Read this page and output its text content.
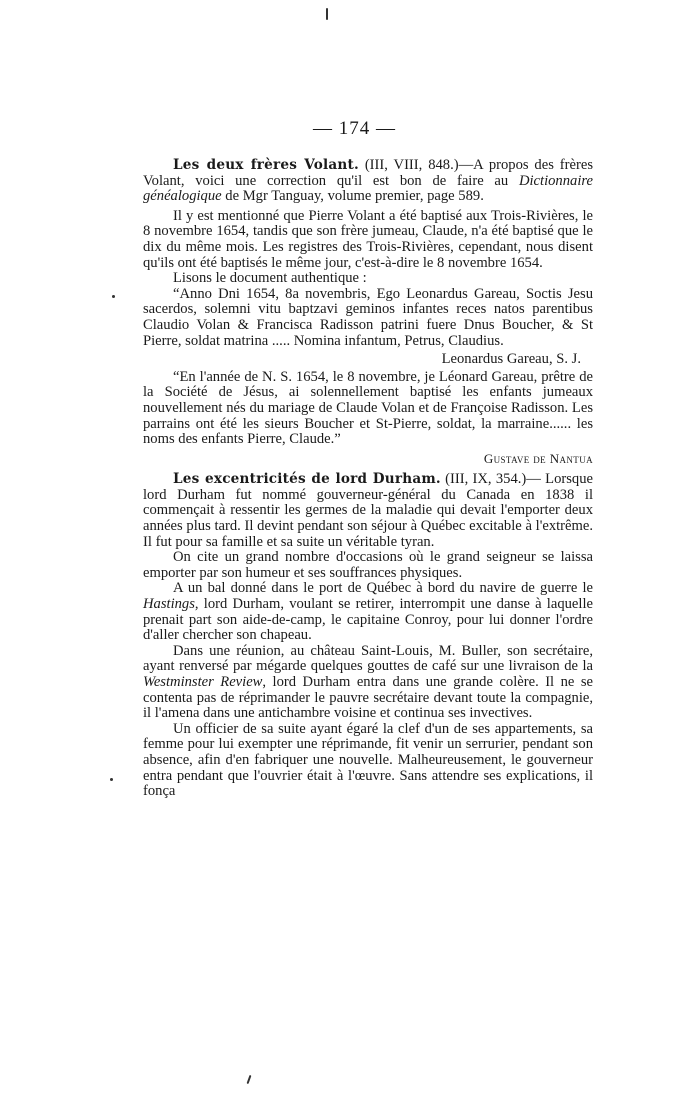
— 174 —

Les deux frères Volant. (III, VIII, 848.)—A propos des frères Volant, voici une correction qu'il est bon de faire au Dictionnaire généalogique de Mgr Tanguay, volume premier, page 589.

Il y est mentionné que Pierre Volant a été baptisé aux Trois-Rivières, le 8 novembre 1654, tandis que son frère jumeau, Claude, n'a été baptisé que le dix du même mois. Les registres des Trois-Rivières, cependant, nous disent qu'ils ont été baptisés le même jour, c'est-à-dire le 8 novembre 1654.

Lisons le document authentique :

“Anno Dni 1654, 8a novembris, Ego Leonardus Gareau, Soctis Jesu sacerdos, solemni vitu baptzavi geminos infantes reces natos parentibus Claudio Volan & Francisca Radisson patrini fuere Dnus Boucher, & St Pierre, soldat matrina ..... Nomina infantum, Petrus, Claudius.

Leonardus Gareau, S. J.

“En l'année de N. S. 1654, le 8 novembre, je Léonard Gareau, prêtre de la Société de Jésus, ai solennellement baptisé les enfants jumeaux nouvellement nés du mariage de Claude Volan et de Françoise Radisson. Les parrains ont été les sieurs Boucher et St-Pierre, soldat, la marraine...... les noms des enfants Pierre, Claude.”

Gustave de Nantua

Les excentricités de lord Durham. (III, IX, 354.)— Lorsque lord Durham fut nommé gouverneur-général du Canada en 1838 il commençait à ressentir les germes de la maladie qui devait l'emporter deux années plus tard. Il devint pendant son séjour à Québec excitable à l'extrême. Il fut pour sa famille et sa suite un véritable tyran.

On cite un grand nombre d'occasions où le grand seigneur se laissa emporter par son humeur et ses souffrances physiques.

A un bal donné dans le port de Québec à bord du navire de guerre le Hastings, lord Durham, voulant se retirer, interrompit une danse à laquelle prenait part son aide-de-camp, le capitaine Conroy, pour lui donner l'ordre d'aller chercher son chapeau.

Dans une réunion, au château Saint-Louis, M. Buller, son secrétaire, ayant renversé par mégarde quelques gouttes de café sur une livraison de la Westminster Review, lord Durham entra dans une grande colère. Il ne se contenta pas de réprimander le pauvre secrétaire devant toute la compagnie, il l'amena dans une antichambre voisine et continua ses invectives.

Un officier de sa suite ayant égaré la clef d'un de ses appartements, sa femme pour lui exempter une réprimande, fit venir un serrurier, pendant son absence, afin d'en fabriquer une nouvelle. Malheureusement, le gouverneur entra pendant que l'ouvrier était à l'œuvre. Sans attendre ses explications, il fonça
